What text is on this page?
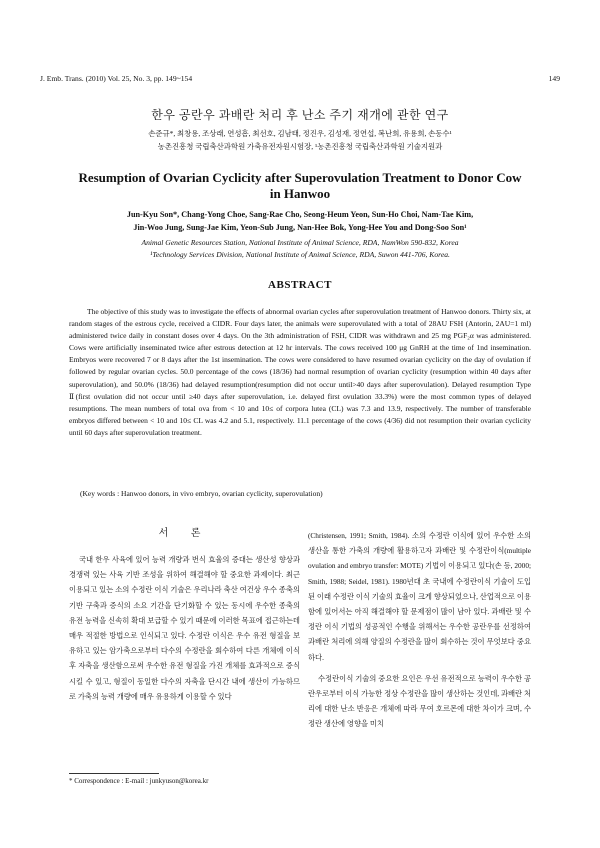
J. Emb. Trans. (2010) Vol. 25, No. 3, pp. 149~154	149
한우 공란우 과배란 처리 후 난소 주기 재개에 관한 연구
손준규*, 최창용, 조상래, 연성흠, 최선호, 김남태, 정진우, 김성재, 정연섭, 복난희, 유용희, 손동수¹
농촌진흥청 국립축산과학원 가축유전자원시험장, ¹농촌진흥청 국립축산과학원 기술지원과
Resumption of Ovarian Cyclicity after Superovulation Treatment to Donor Cow
in Hanwoo
Jun-Kyu Son*, Chang-Yong Choe, Sang-Rae Cho, Seong-Heum Yeon, Sun-Ho Choi, Nam-Tae Kim,
Jin-Woo Jung, Sung-Jae Kim, Yeon-Sub Jung, Nan-Hee Bok, Yong-Hee You and Dong-Soo Son¹
Animal Genetic Resources Station, National Institute of Animal Science, RDA, NamWon 590-832, Korea
¹Technology Services Division, National Institute of Animal Science, RDA, Suwon 441-706, Korea.
ABSTRACT
The objective of this study was to investigate the effects of abnormal ovarian cycles after superovulation treatment of Hanwoo donors. Thirty six, at random stages of the estrous cycle, received a CIDR. Four days later, the animals were superovulated with a total of 28AU FSH (Antorin, 2AU=1 ml) administered twice daily in constant doses over 4 days. On the 3th administration of FSH, CIDR was withdrawn and 25 mg PGF₂α was administered. Cows were artificially inseminated twice after estrous detection at 12 hr intervals. The cows received 100 μg GnRH at the time of 1nd insemination. Embryos were recovered 7 or 8 days after the 1st insemination. The cows were considered to have resumed ovarian cyclicity on the day of ovulation if followed by regular ovarian cycles. 50.0 percentage of the cows (18/36) had normal resumption of ovarian cyclicity (resumption within 40 days after superovulation), and 50.0% (18/36) had delayed resumption(resumption did not occur until>40 days after superovulation). Delayed resumption Type Ⅱ(first ovulation did not occur until ≥40 days after superovulation, i.e. delayed first ovulation 33.3%) were the most common types of delayed resumptions. The mean numbers of total ova from < 10 and 10≤ of corpora lutea (CL) was 7.3 and 13.9, respectively. The number of transferable embryos differed between < 10 and 10≤ CL was 4.2 and 5.1, respectively. 11.1 percentage of the cows (4/36) did not resumption their ovarian cyclicity until 60 days after superovulation treatment.
(Key words : Hanwoo donors, in vivo embryo, ovarian cyclicity, superovulation)
서 론
국내 한우 사육에 있어 능력 개량과 번식 효율의 증대는 생산성 향상과 경쟁력 있는 사육 기반 조성을 위하여 해결해야 할 중요한 과제이다. 최근 이용되고 있는 소의 수정란 이식 기술은 우리나라 축산 여건상 우수 종축의 기반 구축과 증식의 소요 기간을 단기화할 수 있는 동시에 우수한 종축의 유전 능력을 신속히 확대 보급할 수 있기 때문에 이러한 목표에 접근하는데 매우 적절한 방법으로 인식되고 있다. 수정란 이식은 우수 유전 형질을 보유하고 있는 암가축으로부터 다수의 수정란을 회수하여 다른 개체에 이식 후 자축을 생산함으로써 우수한 유전 형질을 가진 개체를 효과적으로 증식시킬 수 있고, 형질이 동일한 다수의 자축을 단시간 내에 생산이 가능하므로 가축의 능력 개량에 매우 유용하게 이용할 수 있다
(Christensen, 1991; Smith, 1984). 소의 수정란 이식에 있어 우수한 소의 생산을 통한 가축의 개량에 활용하고자 과배란 및 수정란이식(multiple ovulation and embryo transfer: MOTE) 기법이 이용되고 있다(손 등, 2000; Smith, 1988; Seidel, 1981). 1980년대 초 국내에 수정란이식 기술이 도입된 이래 수정란 이식 기술의 효율이 크게 향상되었으나, 산업적으로 이용함에 있어서는 아직 해결해야 할 문제점이 많이 남아 있다. 과배란 및 수정란 이식 기법의 성공적인 수행을 위해서는 우수한 공란우를 선정하여 과배란 처리에 의해 양질의 수정란을 많이 회수하는 것이 무엇보다 중요하다.
수정란이식 기술의 중요한 요인은 우선 유전적으로 능력이 우수한 공란우로부터 이식 가능한 정상 수정란을 많이 생산하는 것인데, 과배란 처리에 대한 난소 반응은 개체에 따라 무여 호르몬에 대한 차이가 크며, 수정란 생산에 영향을 미치
* Correspondence : E-mail : junkyuson@korea.kr
